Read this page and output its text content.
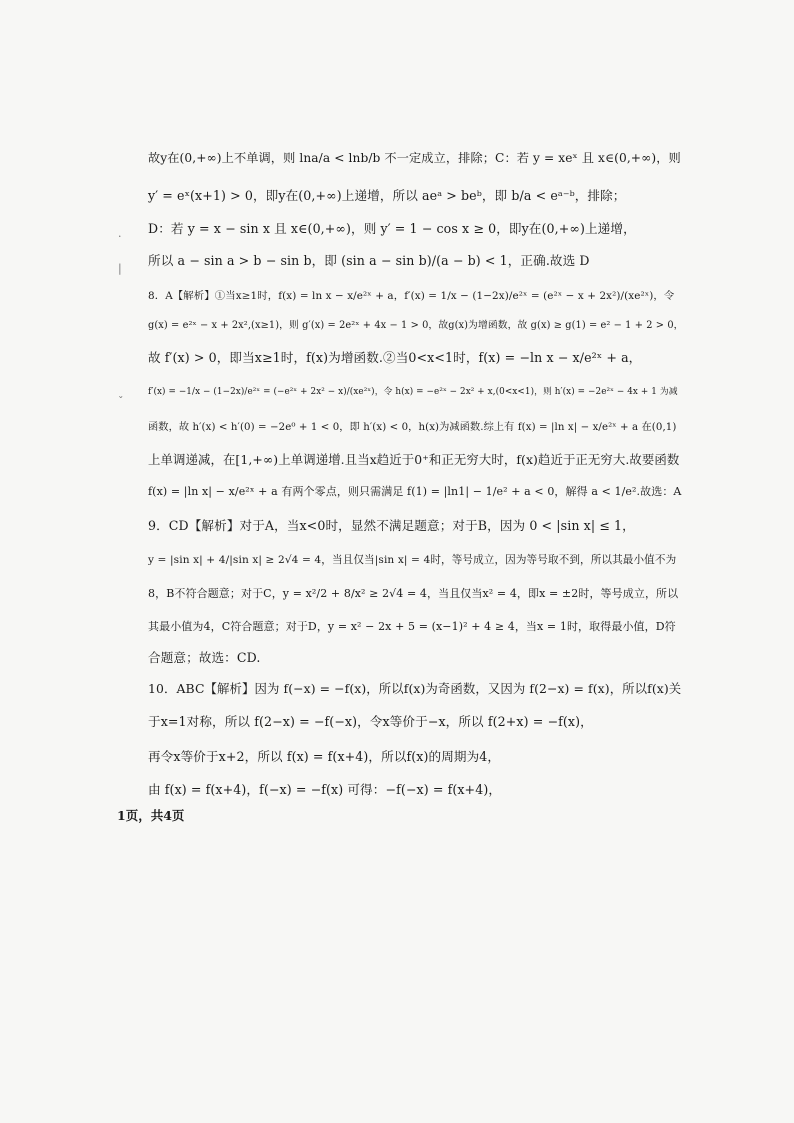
故y在(0,+∞)上不单调，则 lna/a < lnb/b 不一定成立，排除；C：若 y = xeˣ 且 x∈(0,+∞)，则
y′ = eˣ(x+1) > 0，即y在(0,+∞)上递增，所以 aeᵃ > beᵇ，即 b/a < eᵃ⁻ᵇ，排除；
D：若 y = x − sin x 且 x∈(0,+∞)，则 y′ = 1 − cos x ≥ 0，即y在(0,+∞)上递增，
所以 a − sin a > b − sin b，即 (sin a − sin b)/(a − b) < 1，正确.故选 D
8．A【解析】①当x≥1时，f(x) = ln x − x/e²ˣ + a，f′(x) = 1/x − (1−2x)/e²ˣ = (e²ˣ − x + 2x²)/(xe²ˣ)，令
g(x) = e²ˣ − x + 2x²,(x≥1)，则 g′(x) = 2e²ˣ + 4x − 1 > 0，故g(x)为增函数，故 g(x) ≥ g(1) = e² − 1 + 2 > 0，
故 f′(x) > 0，即当x≥1时，f(x)为增函数.②当0<x<1时，f(x) = −ln x − x/e²ˣ + a，
f′(x) = −1/x − (1−2x)/e²ˣ = (−e²ˣ + 2x² − x)/(xe²ˣ)，令 h(x) = −e²ˣ − 2x² + x,(0<x<1)，则 h′(x) = −2e²ˣ − 4x + 1 为减
函数，故 h′(x) < h′(0) = −2e⁰ + 1 < 0，即 h′(x) < 0，h(x)为减函数.综上有 f(x) = |ln x| − x/e²ˣ + a 在(0,1)
上单调递减，在[1,+∞)上单调递增.且当x趋近于0⁺和正无穷大时，f(x)趋近于正无穷大.故要函数
f(x) = |ln x| − x/e²ˣ + a 有两个零点，则只需满足 f(1) = |ln1| − 1/e² + a < 0，解得 a < 1/e².故选：A
9．CD【解析】对于A，当x<0时，显然不满足题意；对于B，因为 0 < |sin x| ≤ 1，
y = |sin x| + 4/|sin x| ≥ 2√4 = 4，当且仅当|sin x| = 4时，等号成立，因为等号取不到，所以其最小值不为
8，B不符合题意；对于C，y = x²/2 + 8/x² ≥ 2√4 = 4，当且仅当x² = 4，即x = ±2时，等号成立，所以
其最小值为4，C符合题意；对于D，y = x² − 2x + 5 = (x−1)² + 4 ≥ 4，当x = 1时，取得最小值，D符
合题意；故选：CD.
10．ABC【解析】因为 f(−x) = −f(x)，所以f(x)为奇函数，又因为 f(2−x) = f(x)，所以f(x)关
于x=1对称，所以 f(2−x) = −f(−x)，令x等价于−x，所以 f(2+x) = −f(x)，
再令x等价于x+2，所以 f(x) = f(x+4)，所以f(x)的周期为4，
由 f(x) = f(x+4)，f(−x) = −f(x) 可得：−f(−x) = f(x+4)，
1页，共4页
·
|
ˇ
